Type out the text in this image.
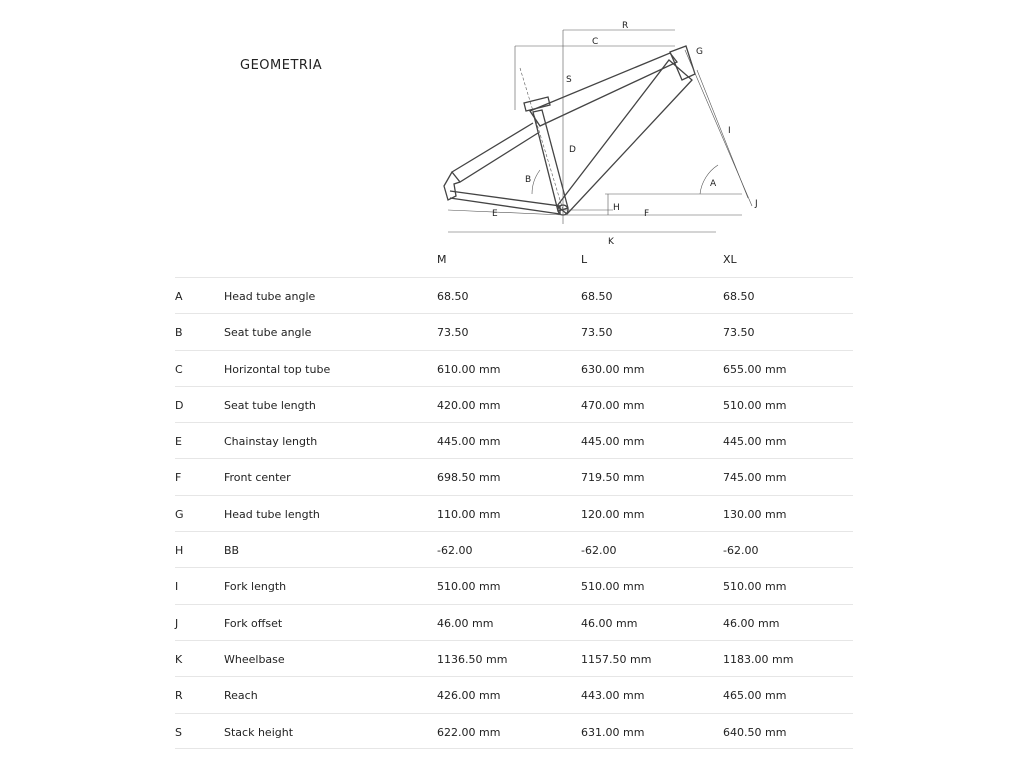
GEOMETRIA
R
C
G
S
I
D
B	A
H
F
J
E
K
M	L	XL
A	Head tube angle	68.50	68.50	68.50
B	Seat tube angle	73.50	73.50	73.50
C	Horizontal top tube	610.00 mm	630.00 mm	655.00 mm
D	Seat tube length	420.00 mm	470.00 mm	510.00 mm
E	Chainstay length	445.00 mm	445.00 mm	445.00 mm
F	Front center	698.50 mm	719.50 mm	745.00 mm
G	Head tube length	110.00 mm	120.00 mm	130.00 mm
H	BB	-62.00	-62.00	-62.00
I	Fork length	510.00 mm	510.00 mm	510.00 mm
J	Fork offset	46.00 mm	46.00 mm	46.00 mm
K	Wheelbase	1136.50 mm	1157.50 mm	1183.00 mm
R	Reach	426.00 mm	443.00 mm	465.00 mm
S	Stack height	622.00 mm	631.00 mm	640.50 mm
